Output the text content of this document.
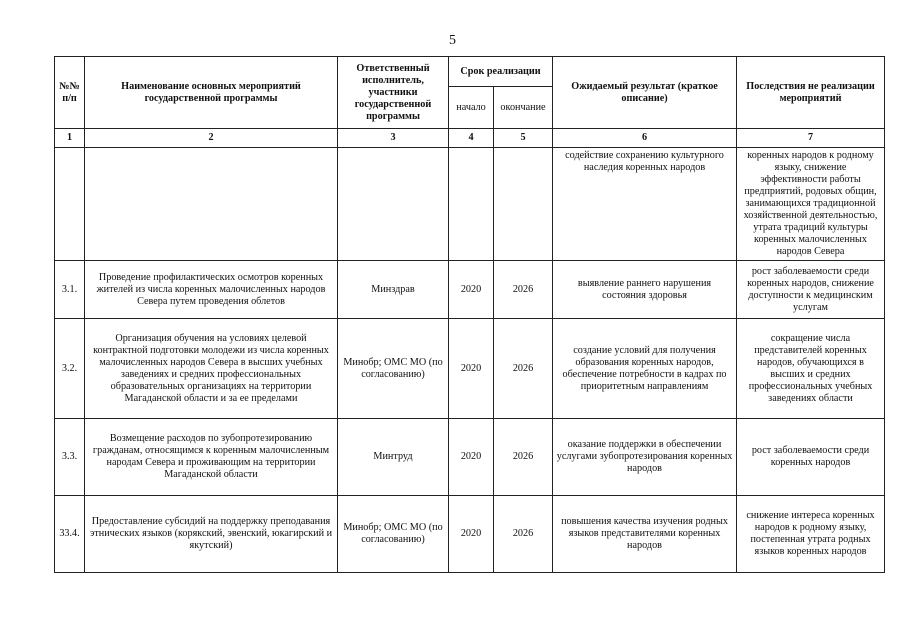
5
№№ п/п	Наименование основных мероприятий государственной программы	Ответственный исполнитель, участники государственной программы	Срок реализации		Ожидаемый результат (краткое описание)	Последствия не реализации мероприятий
			начало	окончание		
1	2	3	4	5	6	7
					содействие сохранению культурного наследия коренных народов	коренных народов к родному языку, снижение эффективности работы предприятий, родовых общин, занимающихся традиционной хозяйственной деятельностью, утрата традиций культуры коренных малочисленных народов Севера
3.1.	Проведение профилактических осмотров коренных жителей из числа коренных малочисленных народов Севера путем проведения облетов	Минздрав	2020	2026	выявление раннего нарушения состояния здоровья	рост заболеваемости среди коренных народов, снижение доступности к медицинским услугам
3.2.	Организация обучения на условиях целевой контрактной подготовки молодежи из числа коренных малочисленных народов Севера в высших учебных заведениях и средних профессиональных образовательных организациях на территории Магаданской области и за ее пределами	Минобр; ОМС МО (по согласованию)	2020	2026	создание условий для получения образования коренных народов, обеспечение потребности в кадрах по приоритетным направлениям	сокращение числа представителей коренных народов, обучающихся в высших и средних профессиональных учебных заведениях области
3.3.	Возмещение расходов по зубопротезированию гражданам, относящимся к коренным малочисленным народам Севера и проживающим на территории Магаданской области	Минтруд	2020	2026	оказание поддержки в обеспечении услугами зубопротезирования коренных народов	рост заболеваемости среди коренных народов
33.4.	Предоставление субсидий на поддержку преподавания этнических языков (корякский, эвенский, юкагирский и якутский)	Минобр; ОМС МО (по согласованию)	2020	2026	повышения качества изучения родных языков представителями коренных народов	снижение интереса коренных народов к родному языку, постепенная утрата родных языков коренных народов
